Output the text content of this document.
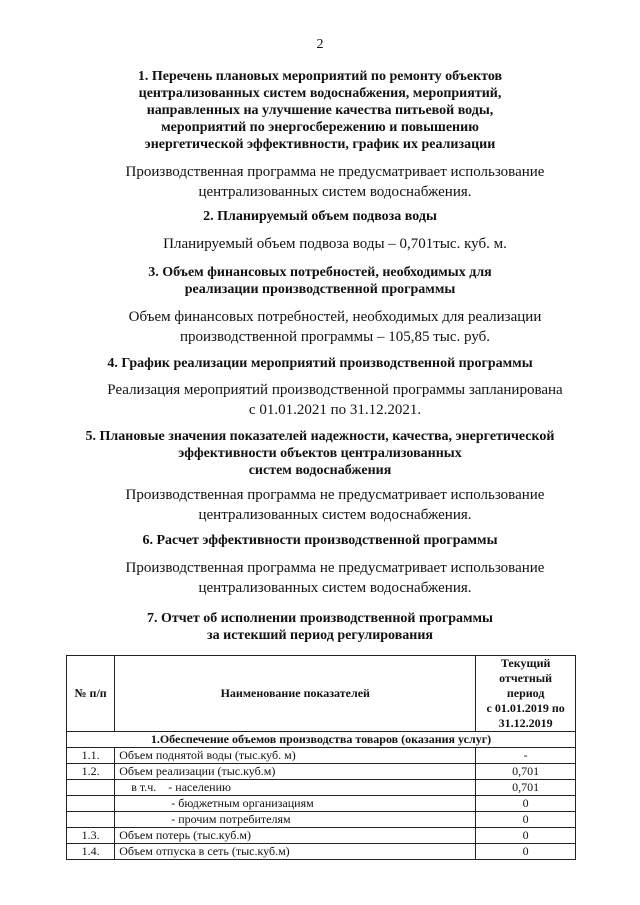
2
1. Перечень плановых мероприятий по ремонту объектов
централизованных систем водоснабжения, мероприятий,
направленных на улучшение качества питьевой воды,
мероприятий по энергосбережению и повышению
энергетической эффективности, график их реализации
Производственная программа не предусматривает использование
централизованных систем водоснабжения.
2. Планируемый объем подвоза воды
Планируемый объем подвоза воды – 0,701тыс. куб. м.
3. Объем финансовых потребностей, необходимых для
реализации производственной программы
Объем финансовых потребностей, необходимых для реализации
производственной программы – 105,85 тыс. руб.
4. График реализации мероприятий производственной программы
Реализация мероприятий производственной программы запланирована
с 01.01.2021 по 31.12.2021.
5. Плановые значения показателей надежности, качества, энергетической
эффективности объектов централизованных
систем водоснабжения
Производственная программа не предусматривает использование
централизованных систем водоснабжения.
6. Расчет эффективности производственной программы
Производственная программа не предусматривает использование
централизованных систем водоснабжения.
7. Отчет об исполнении производственной программы
за истекший период регулирования
№ п/п	Наименование показателей	Текущий
отчетный период
с 01.01.2019 по
31.12.2019

1.Обеспечение объемов производства товаров (оказания услуг)		
1.1.	Объем поднятой воды (тыс.куб. м)	-
1.2.	Объем реализации (тыс.куб.м)	0,701
	в т.ч.    - населению	0,701
	- бюджетным организациям	0
	- прочим потребителям	0
1.3.	Объем потерь (тыс.куб.м)	0
1.4.	Объем отпуска в сеть (тыс.куб.м)	0
